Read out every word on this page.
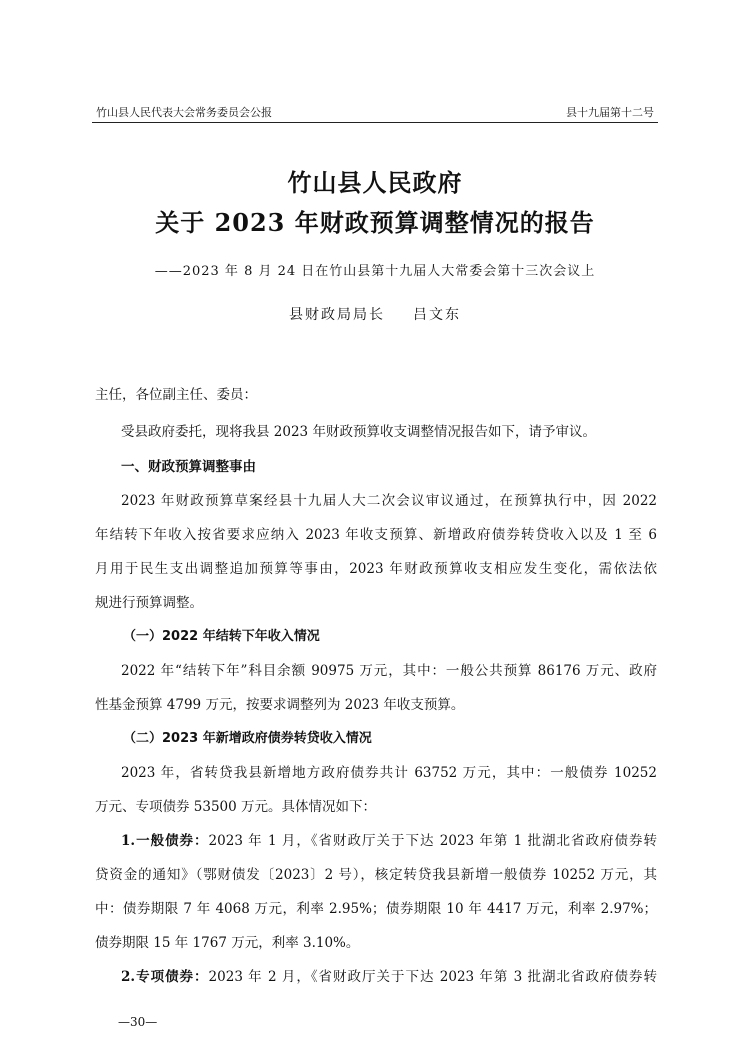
竹山县人民代表大会常务委员会公报	县十九届第十二号
竹山县人民政府
关于 2023 年财政预算调整情况的报告
——2023 年 8 月 24 日在竹山县第十九届人大常委会第十三次会议上
县财政局局长 吕文东
主任，各位副主任、委员：
受县政府委托，现将我县 2023 年财政预算收支调整情况报告如下，请予审议。
一、财政预算调整事由
2023 年财政预算草案经县十九届人大二次会议审议通过，在预算执行中，因 2022
年结转下年收入按省要求应纳入 2023 年收支预算、新增政府债券转贷收入以及 1 至 6
月用于民生支出调整追加预算等事由，2023 年财政预算收支相应发生变化，需依法依
规进行预算调整。
（一）2022 年结转下年收入情况
2022 年“结转下年”科目余额 90975 万元，其中：一般公共预算 86176 万元、政府
性基金预算 4799 万元，按要求调整列为 2023 年收支预算。
（二）2023 年新增政府债券转贷收入情况
2023 年，省转贷我县新增地方政府债券共计 63752 万元，其中：一般债券 10252
万元、专项债券 53500 万元。具体情况如下：
1.一般债券：2023 年 1 月，《省财政厅关于下达 2023 年第 1 批湖北省政府债券转
贷资金的通知》（鄂财债发〔2023〕2 号），核定转贷我县新增一般债券 10252 万元，其
中：债券期限 7 年 4068 万元，利率 2.95%；债券期限 10 年 4417 万元，利率 2.97%；
债券期限 15 年 1767 万元，利率 3.10%。
2.专项债券：2023 年 2 月，《省财政厅关于下达 2023 年第 3 批湖北省政府债券转
—30—
